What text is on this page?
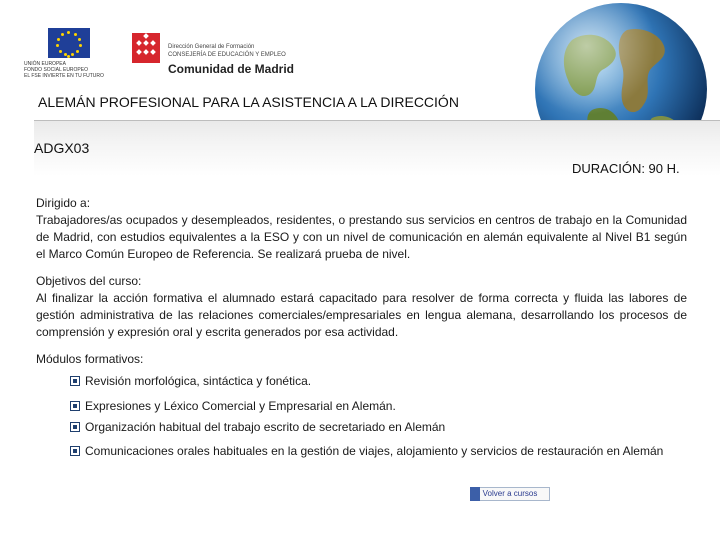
UNIÓN EUROPEA
FONDO SOCIAL EUROPEO
EL FSE INVIERTE EN TU FUTURO
Dirección General de Formación
CONSEJERÍA DE EDUCACIÓN Y EMPLEO
Comunidad de Madrid
ALEMÁN PROFESIONAL PARA LA ASISTENCIA A LA DIRECCIÓN
ADGX03
DURACIÓN: 90 H.
Dirigido a:
Trabajadores/as ocupados y desempleados, residentes, o prestando sus servicios en centros de trabajo en la Comunidad de Madrid, con estudios equivalentes a la ESO y con un nivel de comunicación en alemán equivalente al Nivel B1 según el Marco Común Europeo de Referencia. Se realizará prueba de nivel.
Objetivos del curso:
Al finalizar la acción formativa el alumnado estará capacitado para resolver de forma correcta y fluida las labores de gestión administrativa de las relaciones comerciales/empresariales en lengua alemana, desarrollando los procesos de comprensión y expresión oral y escrita generados por esa actividad.
Módulos formativos:
Revisión morfológica, sintáctica y fonética.
Expresiones y Léxico Comercial y Empresarial en Alemán.
Organización habitual del trabajo escrito de secretariado en Alemán
Comunicaciones orales habituales en la gestión de viajes, alojamiento y servicios de restauración en Alemán
Volver a cursos
